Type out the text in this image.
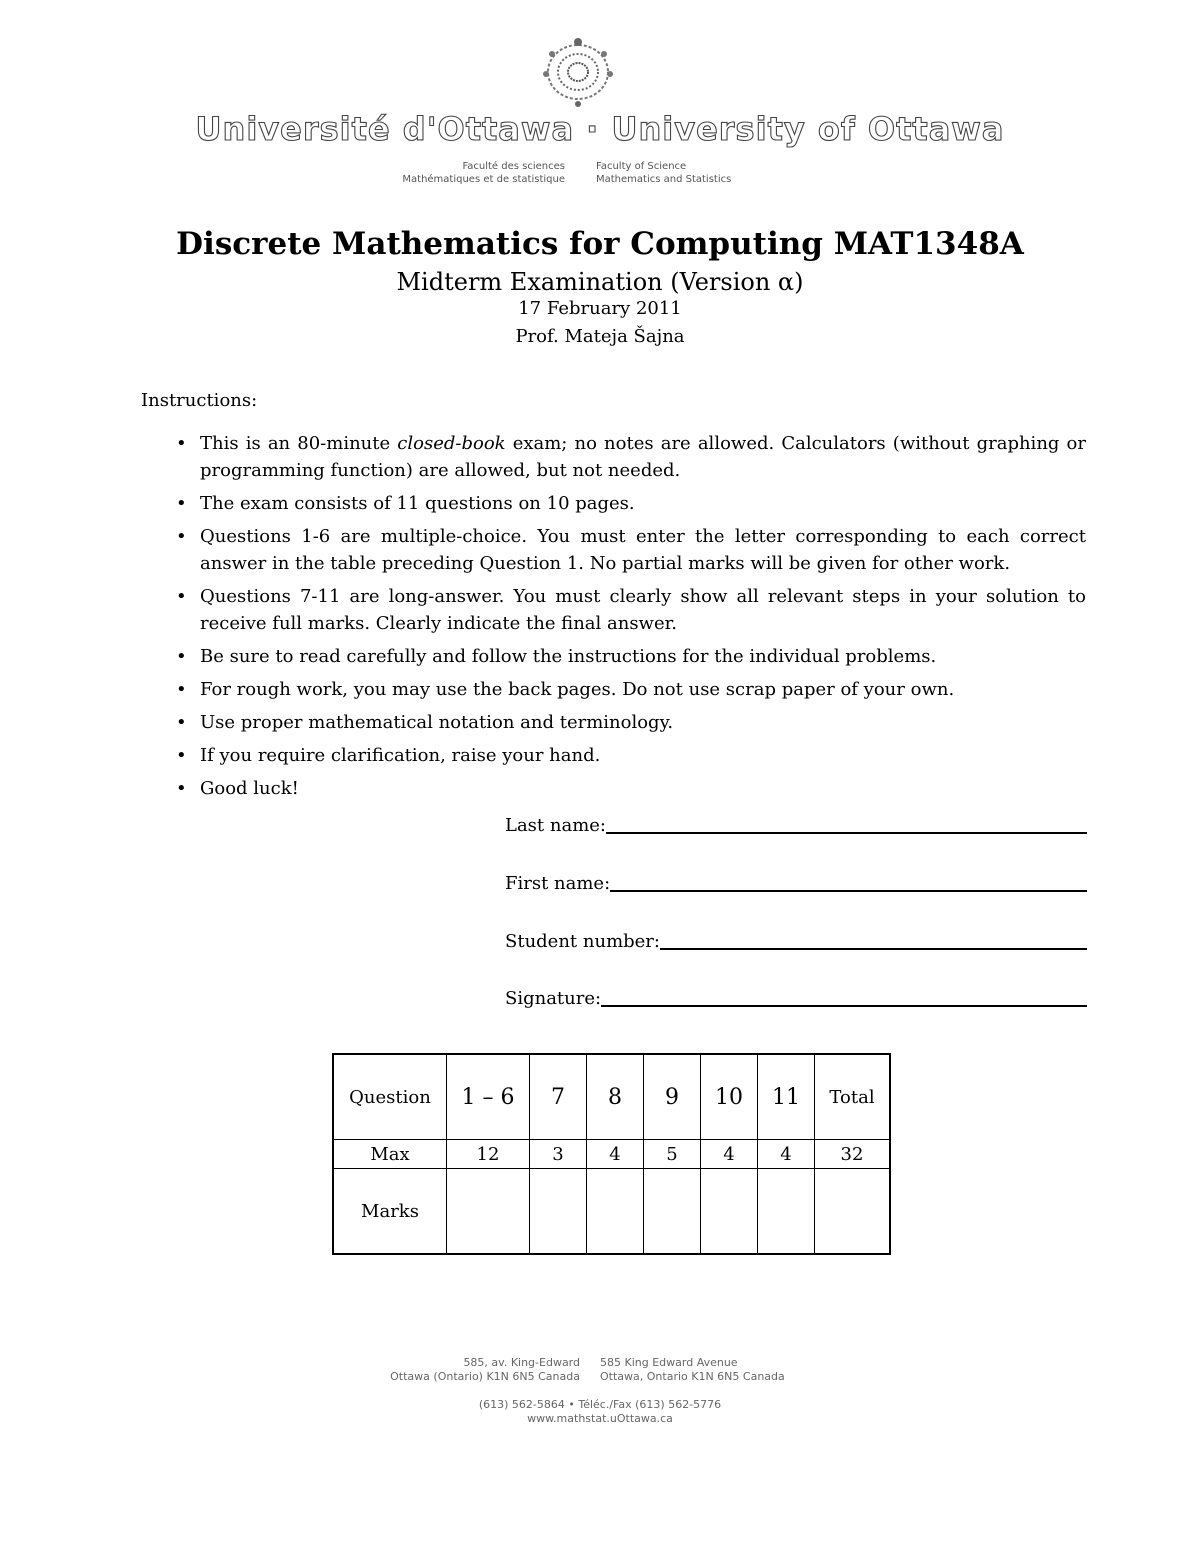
Université d'Ottawa · University of Ottawa
Faculté des sciences
Mathématiques et de statistique
Faculty of Science
Mathematics and Statistics
Discrete Mathematics for Computing MAT1348A
Midterm Examination (Version α)
17 February 2011
Prof. Mateja Šajna
Instructions:
• This is an 80-minute closed-book exam; no notes are allowed. Calculators (without graphing or programming function) are allowed, but not needed.
• The exam consists of 11 questions on 10 pages.
• Questions 1-6 are multiple-choice. You must enter the letter corresponding to each correct answer in the table preceding Question 1. No partial marks will be given for other work.
• Questions 7-11 are long-answer. You must clearly show all relevant steps in your solution to receive full marks. Clearly indicate the final answer.
• Be sure to read carefully and follow the instructions for the individual problems.
• For rough work, you may use the back pages. Do not use scrap paper of your own.
• Use proper mathematical notation and terminology.
• If you require clarification, raise your hand.
• Good luck!
Last name:
First name:
Student number:
Signature:
Question	1 – 6	7	8	9	10	11	Total
Max	12	3	4	5	4	4	32
Marks							
585, av. King-Edward
Ottawa (Ontario) K1N 6N5 Canada
585 King Edward Avenue
Ottawa, Ontario K1N 6N5 Canada
(613) 562-5864 • Téléc./Fax (613) 562-5776
www.mathstat.uOttawa.ca
